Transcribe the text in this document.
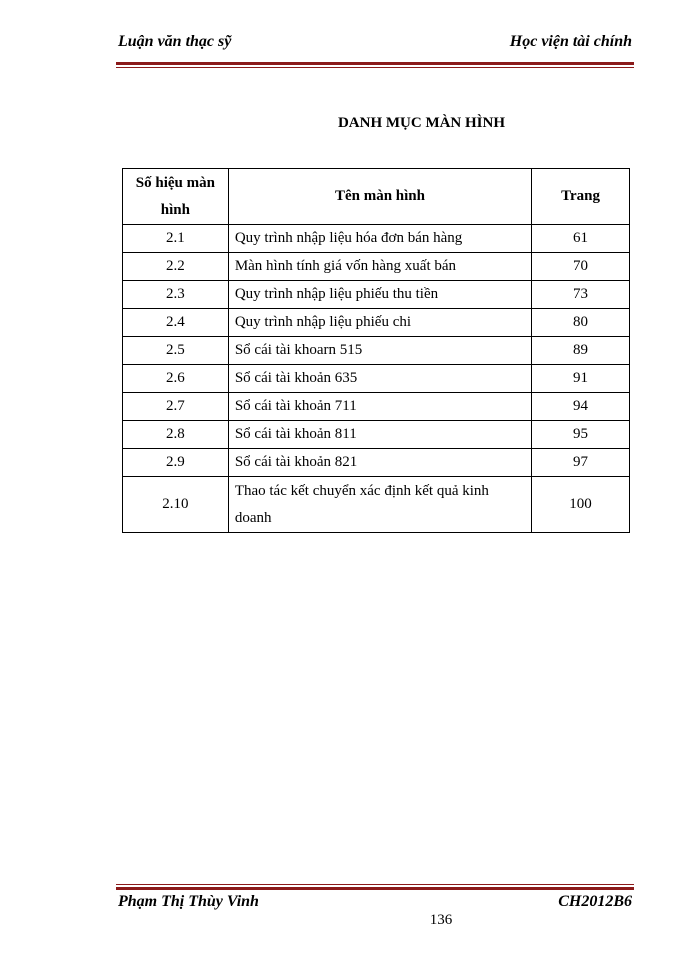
Luận văn thạc sỹ	Học viện tài chính
DANH MỤC MÀN HÌNH
Số hiệu màn hình	Tên màn hình	Trang
2.1	Quy trình nhập liệu hóa đơn bán hàng	61
2.2	Màn hình tính giá vốn hàng xuất bán	70
2.3	Quy trình nhập liệu phiếu thu tiền	73
2.4	Quy trình nhập liệu phiếu chi	80
2.5	Sổ cái tài khoarn 515	89
2.6	Sổ cái tài khoản 635	91
2.7	Sổ cái tài khoản 711	94
2.8	Sổ cái tài khoản 811	95
2.9	Sổ cái tài khoản 821	97
2.10	Thao tác kết chuyển xác định kết quả kinh doanh	100
Phạm Thị Thùy Vinh	CH2012B6
136
